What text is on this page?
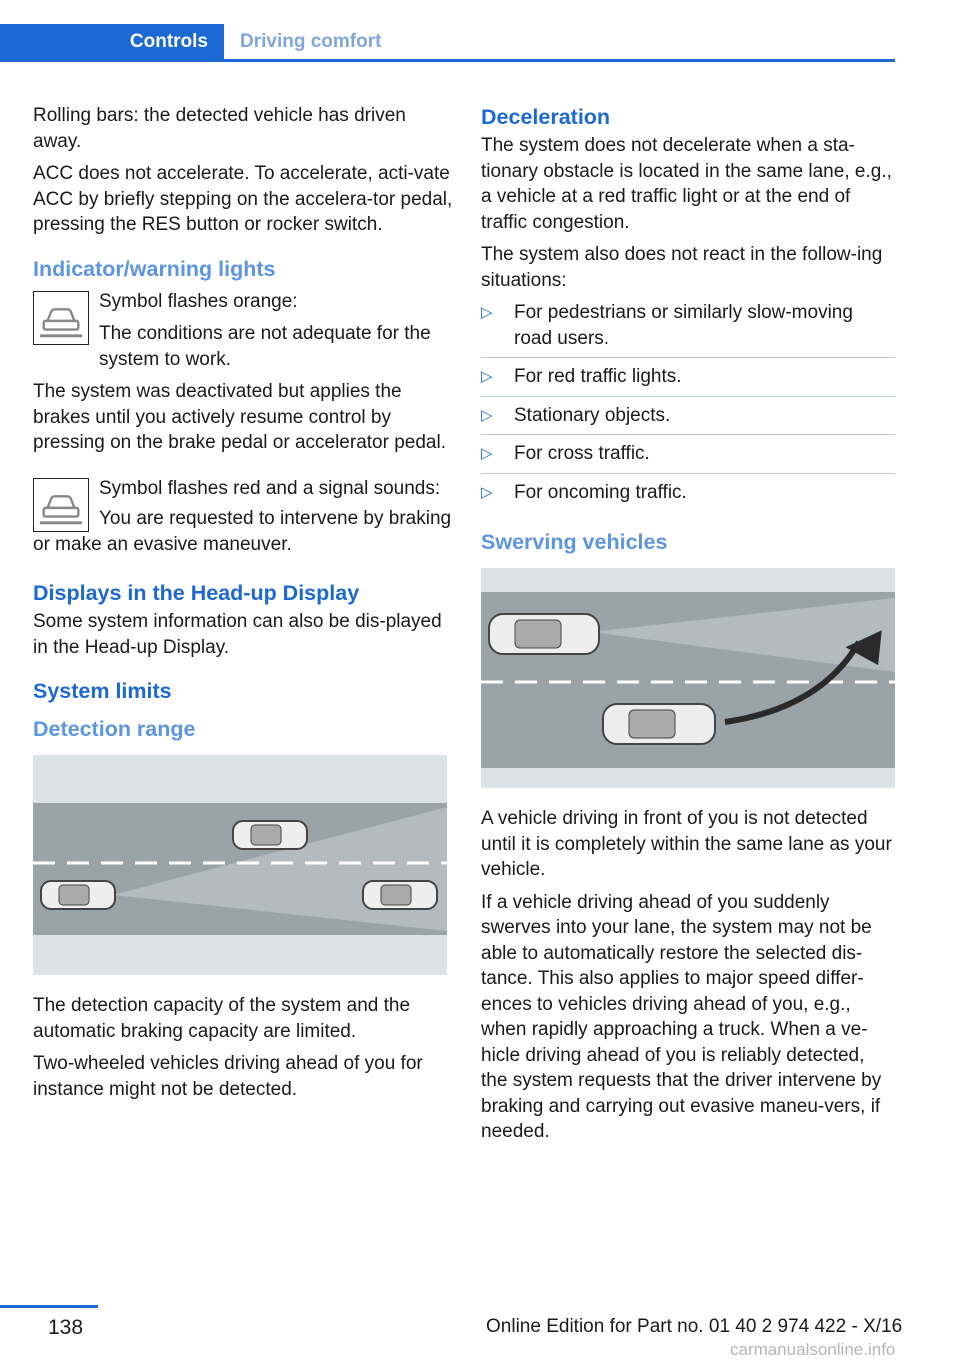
Controls	Driving comfort

Rolling bars: the detected vehicle has driven away.

ACC does not accelerate. To accelerate, acti‐vate ACC by briefly stepping on the accelera‐tor pedal, pressing the RES button or rocker switch.

Indicator/warning lights

Symbol flashes orange:

The conditions are not adequate for the system to work.

The system was deactivated but applies the brakes until you actively resume control by pressing on the brake pedal or accelerator pedal.

Symbol flashes red and a signal sounds:

You are requested to intervene by braking or make an evasive maneuver.

Displays in the Head-up Display

Some system information can also be dis‐played in the Head-up Display.

System limits
Detection range

The detection capacity of the system and the automatic braking capacity are limited.

Two-wheeled vehicles driving ahead of you for instance might not be detected.

Deceleration

The system does not decelerate when a sta‐tionary obstacle is located in the same lane, e.g., a vehicle at a red traffic light or at the end of traffic congestion.

The system also does not react in the follow‐ing situations:

▷ For pedestrians or similarly slow-moving road users.
▷ For red traffic lights.
▷ Stationary objects.
▷ For cross traffic.
▷ For oncoming traffic.
Swerving vehicles

A vehicle driving in front of you is not detected until it is completely within the same lane as your vehicle.

If a vehicle driving ahead of you suddenly swerves into your lane, the system may not be able to automatically restore the selected dis‐tance. This also applies to major speed differ‐ences to vehicles driving ahead of you, e.g., when rapidly approaching a truck. When a ve‐hicle driving ahead of you is reliably detected, the system requests that the driver intervene by braking and carrying out evasive maneu‐vers, if needed.

138	Online Edition for Part no. 01 40 2 974 422 - X/16
carmanualsonline.info
